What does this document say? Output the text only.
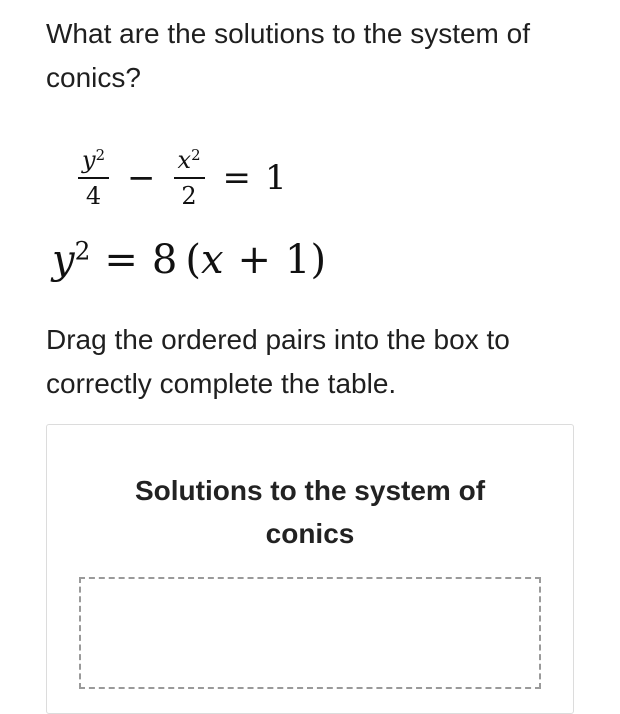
What are the solutions to the system of conics?
$\frac{y^2}{4} - \frac{x^2}{2} = 1$
$y^2 = 8$ (x + 1)

Drag the ordered pairs into the box to correctly complete the table.

Solutions to the system of conics
